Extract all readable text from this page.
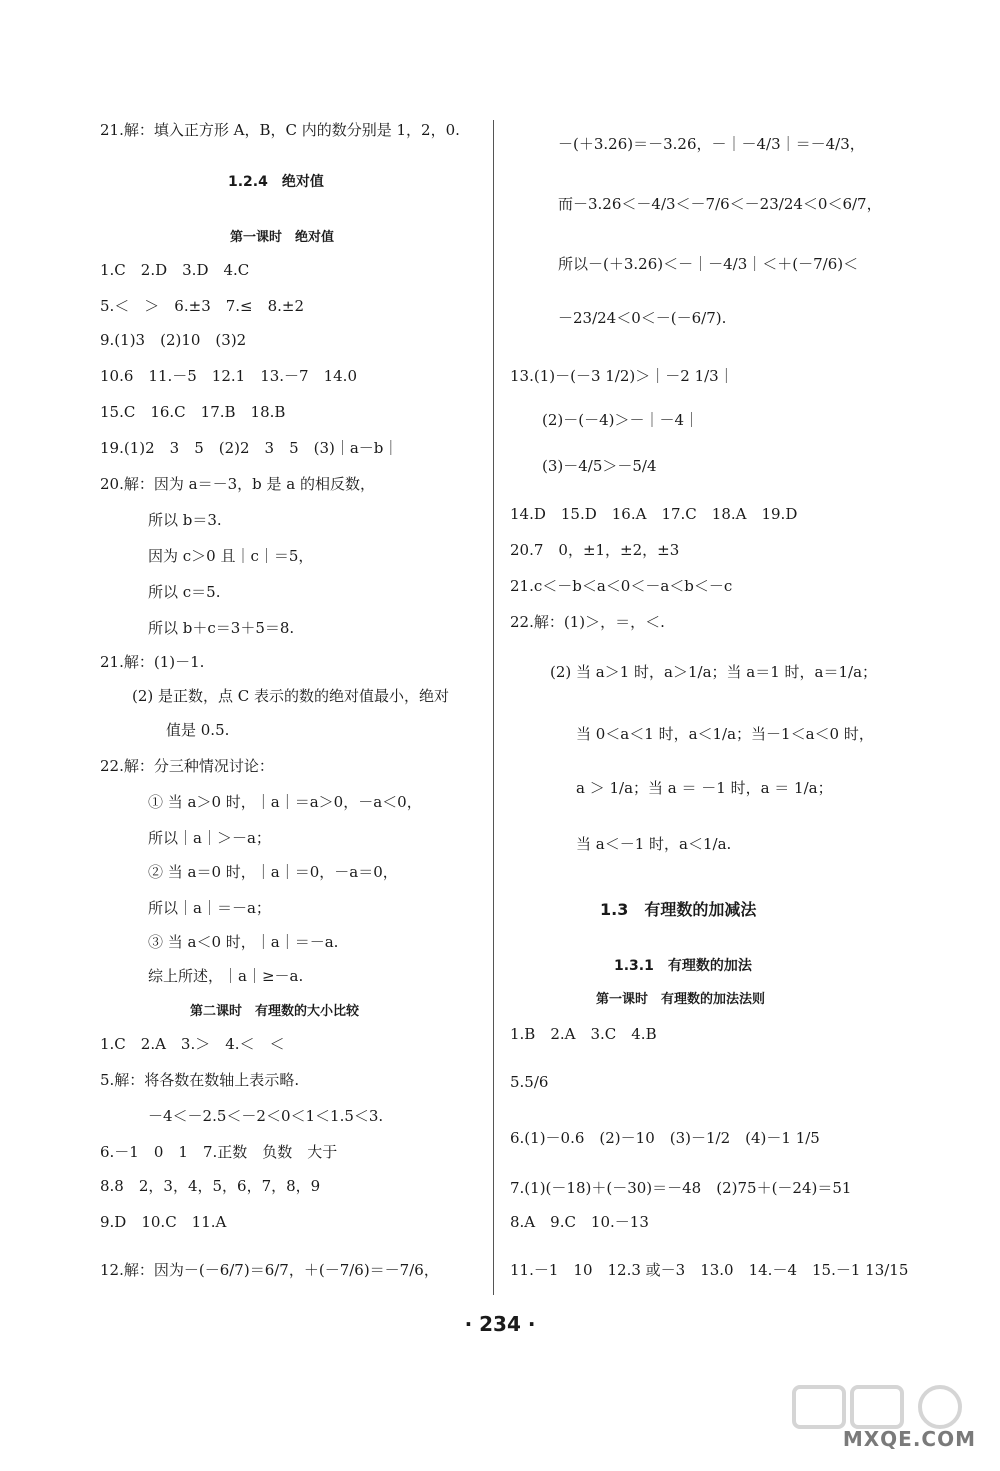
21.解：填入正方形 A，B，C 内的数分别是 1，2，0.
1.2.4　绝对值
第一课时　绝对值
1.C　2.D　3.D　4.C
5.＜　＞　6.±3　7.≤　8.±2
9.(1)3　(2)10　(3)2
10.6　11.－5　12.1　13.－7　14.0
15.C　16.C　17.B　18.B
19.(1)2　3　5　(2)2　3　5　(3)｜a－b｜
20.解：因为 a＝－3，b 是 a 的相反数，
所以 b＝3.
因为 c＞0 且｜c｜＝5，
所以 c＝5.
所以 b＋c＝3＋5＝8.
21.解：(1)－1.
(2) 是正数，点 C 表示的数的绝对值最小，绝对
值是 0.5.
22.解：分三种情况讨论：
① 当 a＞0 时，｜a｜＝a＞0，－a＜0，
所以｜a｜＞－a；
② 当 a＝0 时，｜a｜＝0，－a＝0，
所以｜a｜＝－a；
③ 当 a＜0 时，｜a｜＝－a.
综上所述，｜a｜≥－a.
第二课时　有理数的大小比较
1.C　2.A　3.＞　4.＜　＜
5.解：将各数在数轴上表示略.
－4＜－2.5＜－2＜0＜1＜1.5＜3.
6.－1　0　1　7.正数　负数　大于
8.8　2，3，4，5，6，7，8，9
9.D　10.C　11.A
12.解：因为－(－6/7)＝6/7，＋(－7/6)＝－7/6，
－(＋3.26)＝－3.26，－｜－4/3｜＝－4/3，
而－3.26＜－4/3＜－7/6＜－23/24＜0＜6/7，
所以－(＋3.26)＜－｜－4/3｜＜＋(－7/6)＜
－23/24＜0＜－(－6/7).
13.(1)－(－3 1/2)＞｜－2 1/3｜
(2)－(－4)＞－｜－4｜
(3)－4/5＞－5/4
14.D　15.D　16.A　17.C　18.A　19.D
20.7　0，±1，±2，±3
21.c＜－b＜a＜0＜－a＜b＜－c
22.解：(1)＞，＝，＜.
(2) 当 a＞1 时，a＞1/a；当 a＝1 时，a＝1/a；
当 0＜a＜1 时，a＜1/a；当－1＜a＜0 时，
a ＞ 1/a；当 a ＝ －1 时，a ＝ 1/a；
当 a＜－1 时，a＜1/a.
1.3　有理数的加减法
1.3.1　有理数的加法
第一课时　有理数的加法法则
1.B　2.A　3.C　4.B
5.5/6
6.(1)－0.6　(2)－10　(3)－1/2　(4)－1 1/5
7.(1)(－18)＋(－30)＝－48　(2)75＋(－24)＝51
8.A　9.C　10.－13
11.－1　10　12.3 或－3　13.0　14.－4　15.－1 13/15
· 234 ·
MXQE.COM
